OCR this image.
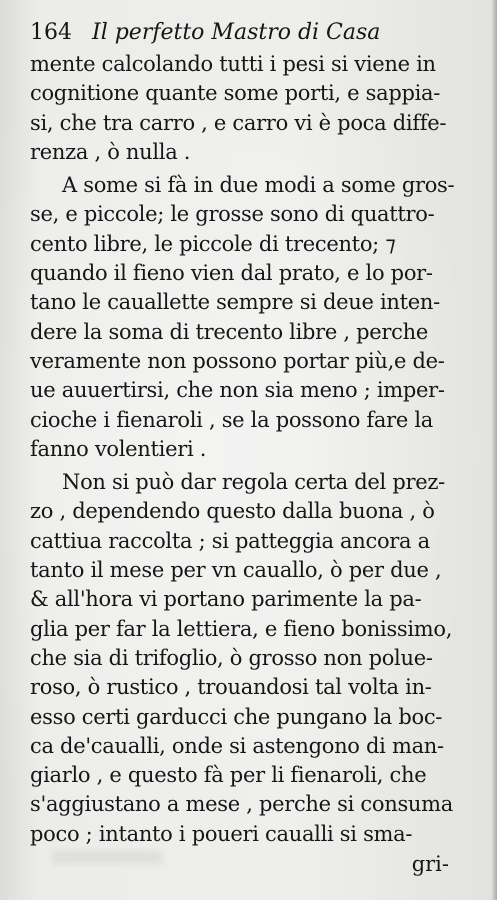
164 Il perfetto Mastro di Casa
mente calcolando tutti i pesi si viene in
cognitione quante some porti, e sappia-
si, che tra carro , e carro vi è poca diffe-
renza , ò nulla .
A some si fà in due modi a some gros-
se, e piccole; le grosse sono di quattro-
cento libre, le piccole di trecento; ⁊
quando il fieno vien dal prato, e lo por-
tano le cauallette sempre si deue inten-
dere la soma di trecento libre , perche
veramente non possono portar più,e de-
ue auuertirsi, che non sia meno ; imper-
cioche i fienaroli , se la possono fare la
fanno volentieri .
Non si può dar regola certa del prez-
zo , dependendo questo dalla buona , ò
cattiua raccolta ; si patteggia ancora a
tanto il mese per vn cauallo, ò per due ,
& all'hora vi portano parimente la pa-
glia per far la lettiera, e fieno bonissimo,
che sia di trifoglio, ò grosso non polue-
roso, ò rustico , trouandosi tal volta in-
esso certi garducci che pungano la boc-
ca de'caualli, onde si astengono di man-
giarlo , e questo fà per li fienaroli, che
s'aggiustano a mese , perche si consuma
poco ; intanto i poueri caualli si sma-
gri-
